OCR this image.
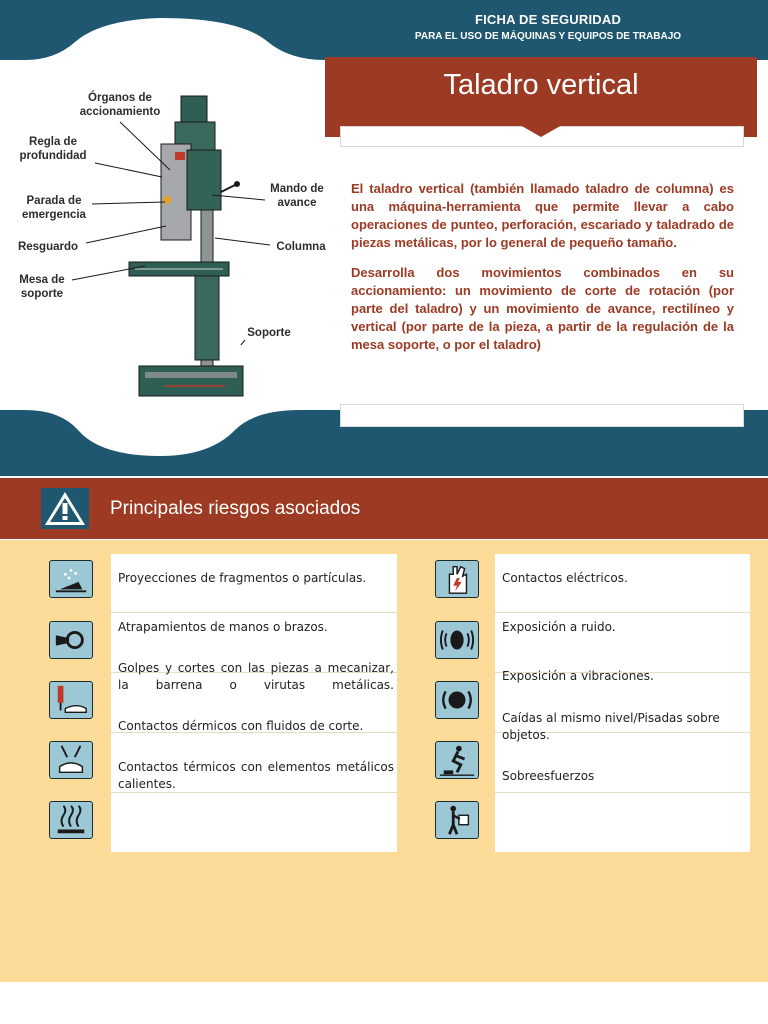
FICHA DE SEGURIDAD
PARA EL USO DE MÁQUINAS Y EQUIPOS DE TRABAJO
Taladro vertical
El taladro vertical (también llamado taladro de columna) es una máquina-herramienta que permite llevar a cabo operaciones de punteo, perforación, escariado y taladrado de piezas metálicas, por lo general de pequeño tamaño.
Desarrolla dos movimientos combinados en su accionamiento: un movimiento de corte de rotación (por parte del taladro) y un movimiento de avance, rectilíneo y vertical (por parte de la pieza, a partir de la regulación de la mesa soporte, o por el taladro)
Órganos de accionamiento
Regla de profundidad
Parada de emergencia
Resguardo
Mesa de soporte
Mando de avance
Columna
Soporte
Principales riesgos asociados
Proyecciones de fragmentos o partículas.
Atrapamientos de manos o brazos.
Golpes y cortes con las piezas a mecanizar, la barrena o virutas metálicas.
Contactos dérmicos con fluidos de corte.
Contactos térmicos con elementos metálicos calientes.
Contactos eléctricos.
Exposición a ruido.
Exposición a vibraciones.
Caídas al mismo nivel/Pisadas sobre objetos.
Sobreesfuerzos
